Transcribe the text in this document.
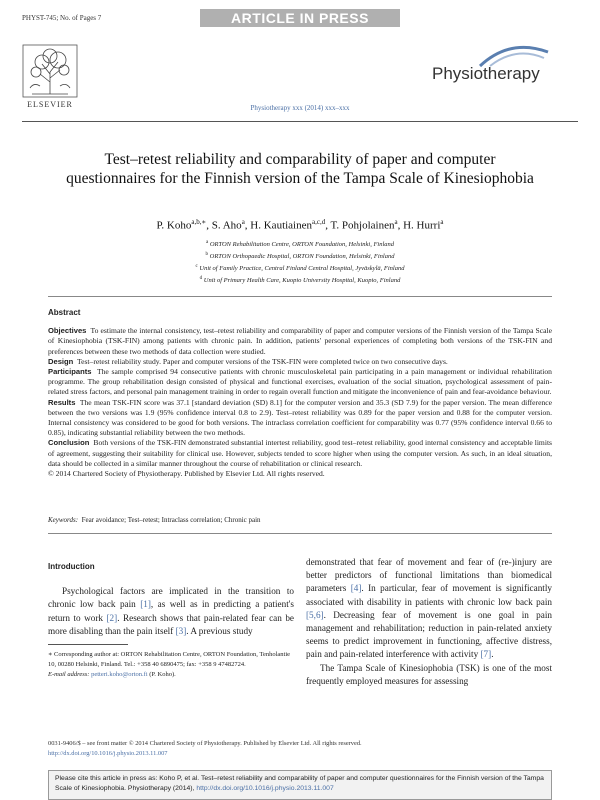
PHYST-745; No. of Pages 7	ARTICLE IN PRESS
ELSEVIER	Physiotherapy xxx (2014) xxx–xxx
Physiotherapy
Test–retest reliability and comparability of paper and computer questionnaires for the Finnish version of the Tampa Scale of Kinesiophobia
P. Koho$^{a,b,∗}$, S. Aho$^a$, H. Kautiainen$^{a,c,d}$, T. Pohjolainen$^a$, H. Hurri$^a$
$^a$ ORTON Rehabilitation Centre, ORTON Foundation, Helsinki, Finland
$^b$ ORTON Orthopaedic Hospital, ORTON Foundation, Helsinki, Finland
$^c$ Unit of Family Practice, Central Finland Central Hospital, Jyväskylä, Finland
$^d$ Unit of Primary Health Care, Kuopio University Hospital, Kuopio, Finland
Abstract

Objectives To estimate the internal consistency, test–retest reliability and comparability of paper and computer versions of the Finnish version of the Tampa Scale of Kinesiophobia (TSK-FIN) among patients with chronic pain. In addition, patients' personal experiences of completing both versions of the TSK-FIN and preferences between these two methods of data collection were studied.

Design Test–retest reliability study. Paper and computer versions of the TSK-FIN were completed twice on two consecutive days.

Participants The sample comprised 94 consecutive patients with chronic musculoskeletal pain participating in a pain management or individual rehabilitation programme. The group rehabilitation design consisted of physical and functional exercises, evaluation of the social situation, psychological assessment of pain-related stress factors, and personal pain management training in order to regain overall function and mitigate the inconvenience of pain and fear-avoidance behaviour.

Results The mean TSK-FIN score was 37.1 [standard deviation (SD) 8.1] for the computer version and 35.3 (SD 7.9) for the paper version. The mean difference between the two versions was 1.9 (95% confidence interval 0.8 to 2.9). Test–retest reliability was 0.89 for the paper version and 0.88 for the computer version. Internal consistency was considered to be good for both versions. The intraclass correlation coefficient for comparability was 0.77 (95% confidence interval 0.66 to 0.85), indicating substantial reliability between the two methods.

Conclusion Both versions of the TSK-FIN demonstrated substantial intertest reliability, good test–retest reliability, good internal consistency and acceptable limits of agreement, suggesting their suitability for clinical use. However, subjects tended to score higher when using the computer version. As such, in an ideal situation, data should be collected in a similar manner throughout the course of rehabilitation or clinical research.

© 2014 Chartered Society of Physiotherapy. Published by Elsevier Ltd. All rights reserved.

Keywords: Fear avoidance; Test–retest; Intraclass correlation; Chronic pain
Introduction

Psychological factors are implicated in the transition to chronic low back pain [1], as well as in predicting a patient's return to work [2]. Research shows that pain-related fear can be more disabling than the pain itself [3]. A previous study

∗ Corresponding author at: ORTON Rehabilitation Centre, ORTON Foundation, Tenholantie 10, 00280 Helsinki, Finland. Tel.: +358 40 6890475; fax: +358 9 47482724.
E-mail address: petteri.koho@orton.fi (P. Koho).

demonstrated that fear of movement and fear of (re-)injury are better predictors of functional limitations than biomedical parameters [4]. In particular, fear of movement is significantly associated with disability in patients with chronic low back pain [5,6]. Decreasing fear of movement is one goal in pain management and rehabilitation; reduction in pain-related anxiety seems to predict improvement in functioning, affective distress, pain and pain-related interference with activity [7].

The Tampa Scale of Kinesiophobia (TSK) is one of the most frequently employed measures for assessing

0031-9406/$ – see front matter © 2014 Chartered Society of Physiotherapy. Published by Elsevier Ltd. All rights reserved.
http://dx.doi.org/10.1016/j.physio.2013.11.007
Please cite this article in press as: Koho P, et al. Test–retest reliability and comparability of paper and computer questionnaires for the Finnish version of the Tampa Scale of Kinesiophobia. Physiotherapy (2014), http://dx.doi.org/10.1016/j.physio.2013.11.007
